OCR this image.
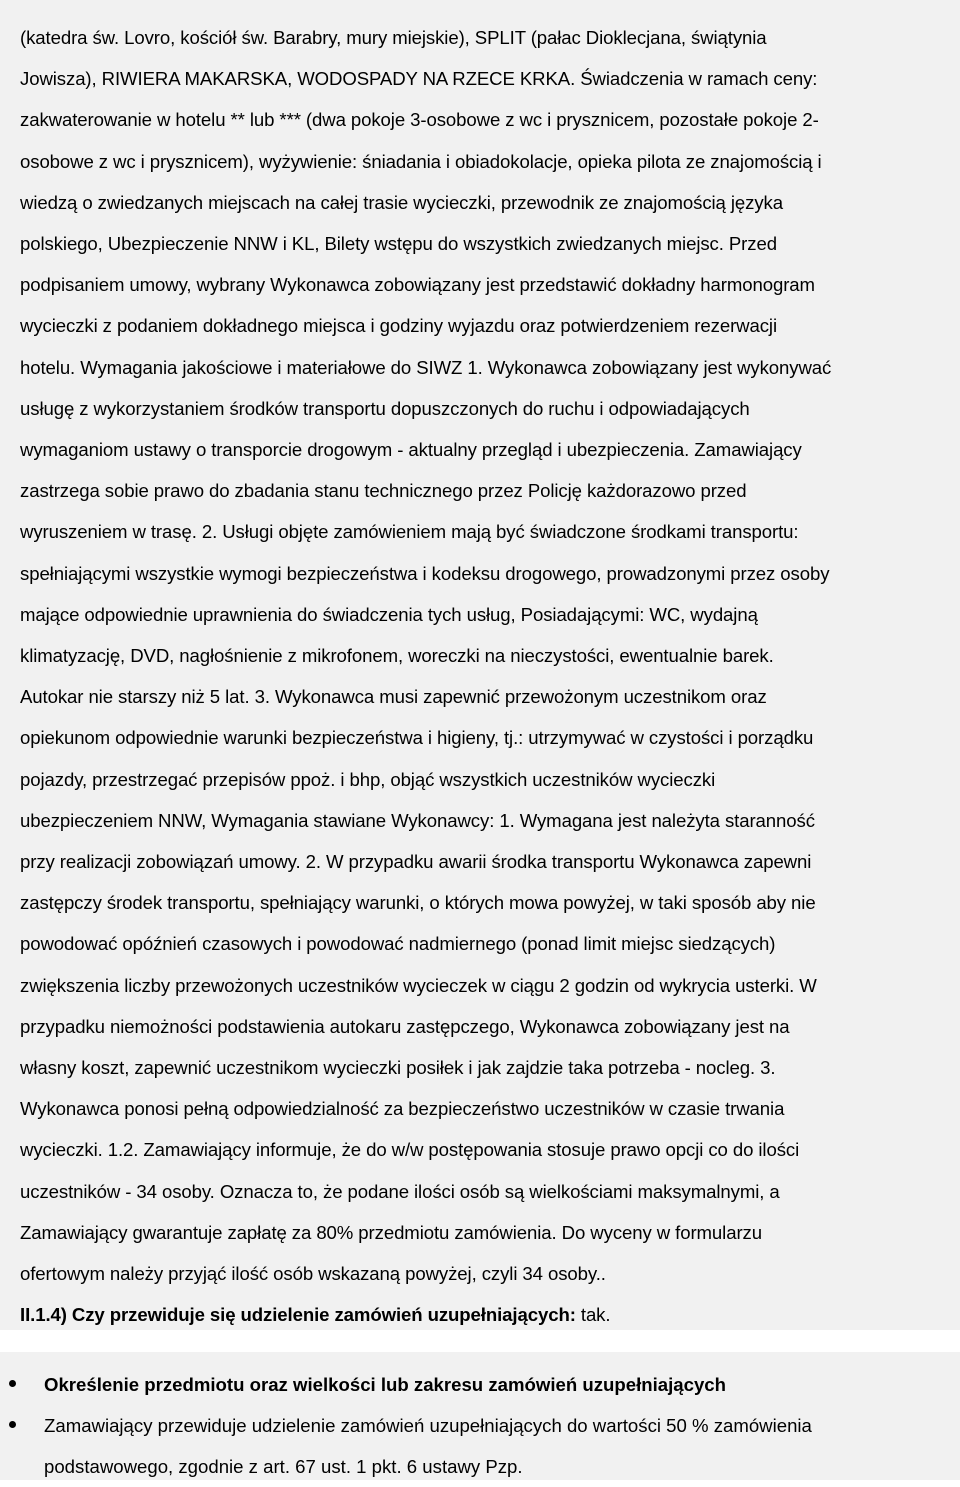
(katedra św. Lovro, kościół św. Barabry, mury miejskie), SPLIT (pałac Dioklecjana, świątynia
Jowisza), RIWIERA MAKARSKA, WODOSPADY NA RZECE KRKA. Świadczenia w ramach ceny:
zakwaterowanie w hotelu ** lub *** (dwa pokoje 3-osobowe z wc i prysznicem, pozostałe pokoje 2-
osobowe z wc i prysznicem), wyżywienie: śniadania i obiadokolacje, opieka pilota ze znajomością i
wiedzą o zwiedzanych miejscach na całej trasie wycieczki, przewodnik ze znajomością języka
polskiego, Ubezpieczenie NNW i KL, Bilety wstępu do wszystkich zwiedzanych miejsc. Przed
podpisaniem umowy, wybrany Wykonawca zobowiązany jest przedstawić dokładny harmonogram
wycieczki z podaniem dokładnego miejsca i godziny wyjazdu oraz potwierdzeniem rezerwacji
hotelu. Wymagania jakościowe i materiałowe do SIWZ 1. Wykonawca zobowiązany jest wykonywać
usługę z wykorzystaniem środków transportu dopuszczonych do ruchu i odpowiadających
wymaganiom ustawy o transporcie drogowym - aktualny przegląd i ubezpieczenia. Zamawiający
zastrzega sobie prawo do zbadania stanu technicznego przez Policję każdorazowo przed
wyruszeniem w trasę. 2. Usługi objęte zamówieniem mają być świadczone środkami transportu:
spełniającymi wszystkie wymogi bezpieczeństwa i kodeksu drogowego, prowadzonymi przez osoby
mające odpowiednie uprawnienia do świadczenia tych usług, Posiadającymi: WC, wydajną
klimatyzację, DVD, nagłośnienie z mikrofonem, woreczki na nieczystości, ewentualnie barek.
Autokar nie starszy niż 5 lat. 3. Wykonawca musi zapewnić przewożonym uczestnikom oraz
opiekunom odpowiednie warunki bezpieczeństwa i higieny, tj.: utrzymywać w czystości i porządku
pojazdy, przestrzegać przepisów ppoż. i bhp, objąć wszystkich uczestników wycieczki
ubezpieczeniem NNW, Wymagania stawiane Wykonawcy: 1. Wymagana jest należyta staranność
przy realizacji zobowiązań umowy. 2. W przypadku awarii środka transportu Wykonawca zapewni
zastępczy środek transportu, spełniający warunki, o których mowa powyżej, w taki sposób aby nie
powodować opóźnień czasowych i powodować nadmiernego (ponad limit miejsc siedzących)
zwiększenia liczby przewożonych uczestników wycieczek w ciągu 2 godzin od wykrycia usterki. W
przypadku niemożności podstawienia autokaru zastępczego, Wykonawca zobowiązany jest na
własny koszt, zapewnić uczestnikom wycieczki posiłek i jak zajdzie taka potrzeba - nocleg. 3.
Wykonawca ponosi pełną odpowiedzialność za bezpieczeństwo uczestników w czasie trwania
wycieczki. 1.2. Zamawiający informuje, że do w/w postępowania stosuje prawo opcji co do ilości
uczestników - 34 osoby. Oznacza to, że podane ilości osób są wielkościami maksymalnymi, a
Zamawiający gwarantuje zapłatę za 80% przedmiotu zamówienia. Do wyceny w formularzu
ofertowym należy przyjąć ilość osób wskazaną powyżej, czyli 34 osoby..
II.1.4) Czy przewiduje się udzielenie zamówień uzupełniających: tak.
Określenie przedmiotu oraz wielkości lub zakresu zamówień uzupełniających
Zamawiający przewiduje udzielenie zamówień uzupełniających do wartości 50 % zamówienia
podstawowego, zgodnie z art. 67 ust. 1 pkt. 6 ustawy Pzp.
